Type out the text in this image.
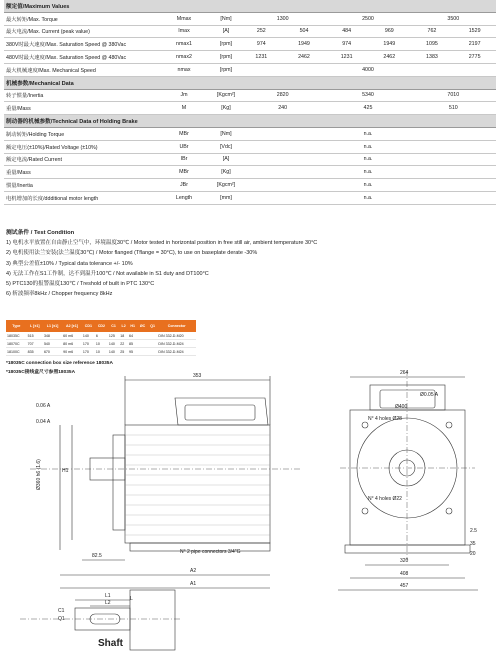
额定值/Maximum Values								
最大转矩/Max. Torque	Mmax	[Nm]	1300		2500		3500	
最大电流/Max. Current (peak value)	Imax	[A]	252	504	484	969	762	1529
380V时最大速度/Max. Saturation Speed @ 380Vac	nmax1	[rpm]	974	1949	974	1949	1095	2197
480V时最大速度/Max. Saturation Speed @ 480Vac	nmax2	[rpm]	1231	2462	1231	2462	1383	2775
最大机械速度/Max. Mechanical Speed	nmax	[rpm]	4000					
机械参数/Mechanical Data								
转子惯量/Inertia	Jm	[Kgcm²]	2820		5340		7010	
重量/Mass	M	[Kg]	240		425		510	
制动器的机械参数/Technical Data of Holding Brake								
制动转矩/Holding Torque	MBr	[Nm]	n.a.					
额定电压(±10%)/Rated Voltage (±10%)	UBr	[Vdc]	n.a.					
额定电流/Rated Current	IBr	[A]	n.a.					
重量/Mass	MBr	[Kg]	n.a.					
惯量/Inertia	JBr	[Kgcm²]	n.a.					
电机增加的长度/ddditional motor length	Length	[mm]	n.a.					
测试条件 / Test Condition
1) 电机水平放置在自由静止空气中，环境温度30℃ / Motor tested in horizontal position in free still air, ambient temperature 30°C
2) 电机使用法兰安装(法兰温度30℃) / Motor flanged (Tflange = 30°C), to use on baseplate derate -30%
3) 典型公差值±10% / Typical data tolerance +/- 10%
4) 无法工作在S1工作制，达不到温升100℃ / Not available in S1 duty and DT100°C
5) PTC130的报警温度130℃ / Treshold of built in PTC 130°C
6) 斩波频率8kHz / Chopper frequency 8kHz
Type	L [±1]	L1 [±1]	A2 [±1]	CD1	CD2	C1	L2	H1	ØC	Q1	Connector
18035C	515	348	60 m6	140	6	125	18	64			DIN 332-D-M20
18070C	707	540	80 m6	170	10	140	22	85			DIN 332-D-M24
18100C	835	670	90 m6	170	10	140	25	95			DIN 332-D-M24
*18035C connection box size reference 18035A
*18035C接线盒尺寸参照18035A
353	264
0.06 A
0.04 A
H1
Ø360 h6 (1.6)
82.5
A2
A1
N° 2 pipe connectors 3/4"G
L
Ø400
N° 4 holes Ø28
N° 4 holes Ø22
Ø0.05 A
320
408
457
35
2.5
20
C1
Q1
L1
L2
Shaft
